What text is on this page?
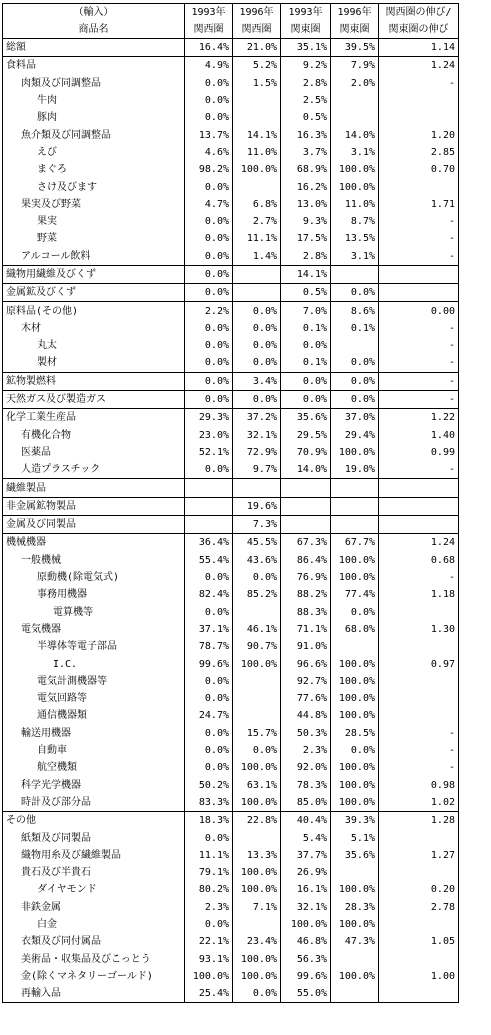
（輸入）	1993年	1996年	1993年	1996年	関西圏の伸び/
商品名	関西圏	関西圏	関東圏	関東圏	関東圏の伸び
総額	16.4%	21.0%	35.1%	39.5%	1.14
食料品	4.9%	5.2%	9.2%	7.9%	1.24
肉類及び同調整品	0.0%	1.5%	2.8%	2.0%	-
牛肉	0.0%		2.5%		
豚肉	0.0%		0.5%		
魚介類及び同調整品	13.7%	14.1%	16.3%	14.0%	1.20
えび	4.6%	11.0%	3.7%	3.1%	2.85
まぐろ	98.2%	100.0%	68.9%	100.0%	0.70
さけ及びます	0.0%		16.2%	100.0%	
果実及び野菜	4.7%	6.8%	13.0%	11.0%	1.71
果実	0.0%	2.7%	9.3%	8.7%	-
野菜	0.0%	11.1%	17.5%	13.5%	-
アルコール飲料	0.0%	1.4%	2.8%	3.1%	-
織物用繊維及びくず	0.0%		14.1%		
金属鉱及びくず	0.0%		0.5%	0.0%	
原料品(その他)	2.2%	0.0%	7.0%	8.6%	0.00
木材	0.0%	0.0%	0.1%	0.1%	-
丸太	0.0%	0.0%	0.0%		-
製材	0.0%	0.0%	0.1%	0.0%	-
鉱物製燃料	0.0%	3.4%	0.0%	0.0%	-
天然ガス及び製造ガス	0.0%	0.0%	0.0%	0.0%	-
化学工業生産品	29.3%	37.2%	35.6%	37.0%	1.22
有機化合物	23.0%	32.1%	29.5%	29.4%	1.40
医薬品	52.1%	72.9%	70.9%	100.0%	0.99
人造プラスチック	0.0%	9.7%	14.0%	19.0%	-
繊維製品					
非金属鉱物製品		19.6%			
金属及び同製品		7.3%			
機械機器	36.4%	45.5%	67.3%	67.7%	1.24
一般機械	55.4%	43.6%	86.4%	100.0%	0.68
原動機(除電気式)	0.0%	0.0%	76.9%	100.0%	-
事務用機器	82.4%	85.2%	88.2%	77.4%	1.18
電算機等	0.0%		88.3%	0.0%	
電気機器	37.1%	46.1%	71.1%	68.0%	1.30
半導体等電子部品	78.7%	90.7%	91.0%		
I.C.	99.6%	100.0%	96.6%	100.0%	0.97
電気計測機器等	0.0%		92.7%	100.0%	
電気回路等	0.0%		77.6%	100.0%	
通信機器類	24.7%		44.8%	100.0%	
輸送用機器	0.0%	15.7%	50.3%	28.5%	-
自動車	0.0%	0.0%	2.3%	0.0%	-
航空機類	0.0%	100.0%	92.0%	100.0%	-
科学光学機器	50.2%	63.1%	78.3%	100.0%	0.98
時計及び部分品	83.3%	100.0%	85.0%	100.0%	1.02
その他	18.3%	22.8%	40.4%	39.3%	1.28
紙類及び同製品	0.0%		5.4%	5.1%	
織物用糸及び繊維製品	11.1%	13.3%	37.7%	35.6%	1.27
貴石及び半貴石	79.1%	100.0%	26.9%		
ダイヤモンド	80.2%	100.0%	16.1%	100.0%	0.20
非鉄金属	2.3%	7.1%	32.1%	28.3%	2.78
白金	0.0%		100.0%	100.0%	
衣類及び同付属品	22.1%	23.4%	46.8%	47.3%	1.05
美術品・収集品及びこっとう	93.1%	100.0%	56.3%		
金(除くマネタリーゴールド)	100.0%	100.0%	99.6%	100.0%	1.00
再輸入品	25.4%	0.0%	55.0%		
